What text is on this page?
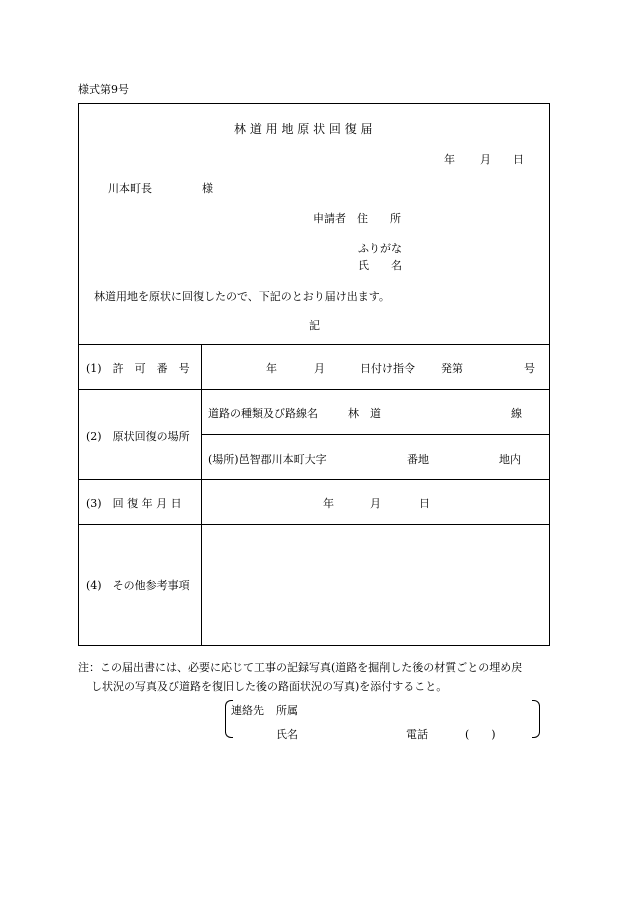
様式第9号
林 道 用 地 原 状 回 復 届
年 月 日
川本町長	様
申請者 住　　所
ふりがな
氏　　名
林道用地を原状に回復したので、下記のとおり届け出ます。
記
(1)　許　可　番　号	年	月	日付け指令 発第	号
(2)　原状回復の場所
道路の種類及び路線名	林　道	線
(場所)邑智郡川本町大字	番地	地内
(3)　回 復 年 月 日	年	月	日
(4)　その他参考事項
注：この届出書には、必要に応じて工事の記録写真(道路を掘削した後の材質ごとの埋め戻
し状況の写真及び道路を復旧した後の路面状況の写真)を添付すること。
連絡先 所属
氏名	電話	(　　)
